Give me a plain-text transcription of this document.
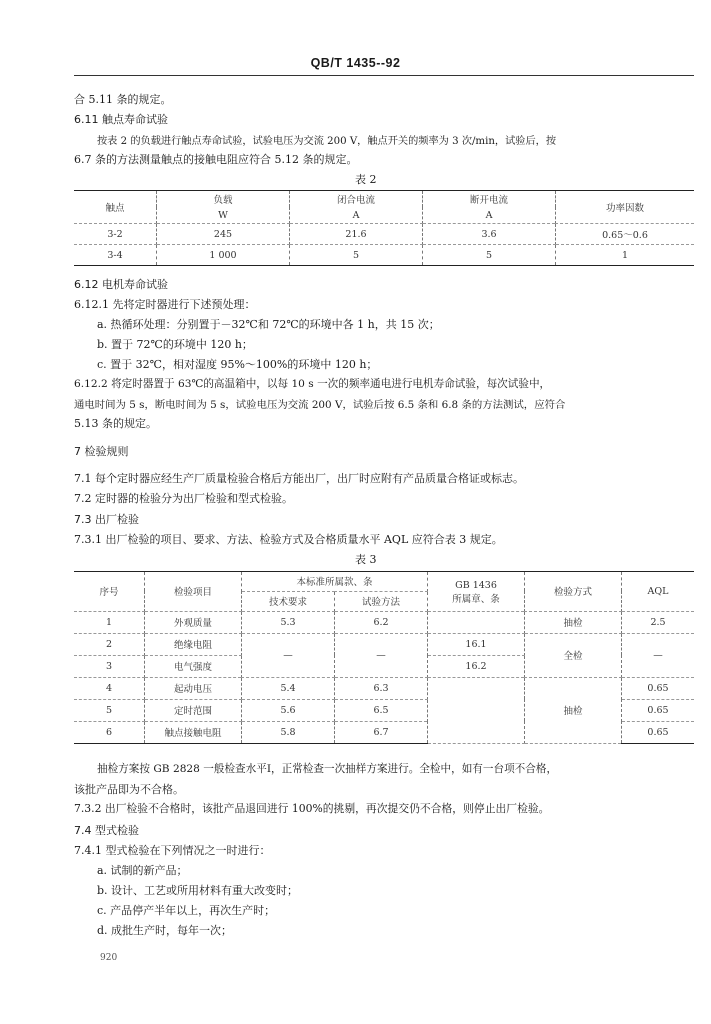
QB/T 1435--92
合 5.11 条的规定。
6.11 触点寿命试验
按表 2 的负载进行触点寿命试验，试验电压为交流 200 V，触点开关的频率为 3 次/min，试验后，按
6.7 条的方法测量触点的接触电阻应符合 5.12 条的规定。
表 2
触点	负载	闭合电流	断开电流	功率因数
	W	A	A	
3-2	245	21.6	3.6	0.65～0.6
3-4	1 000	5	5	1
6.12 电机寿命试验
6.12.1 先将定时器进行下述预处理：
a. 热循环处理：分别置于－32℃和 72℃的环境中各 1 h，共 15 次；
b. 置于 72℃的环境中 120 h；
c. 置于 32℃，相对湿度 95%～100%的环境中 120 h；
6.12.2 将定时器置于 63℃的高温箱中，以每 10 s 一次的频率通电进行电机寿命试验，每次试验中，
通电时间为 5 s，断电时间为 5 s，试验电压为交流 200 V，试验后按 6.5 条和 6.8 条的方法测试，应符合
5.13 条的规定。
7 检验规则
7.1 每个定时器应经生产厂质量检验合格后方能出厂，出厂时应附有产品质量合格证或标志。
7.2 定时器的检验分为出厂检验和型式检验。
7.3 出厂检验
7.3.1 出厂检验的项目、要求、方法、检验方式及合格质量水平 AQL 应符合表 3 规定。
表 3
序号	检验项目	本标准所属款、条		GB 1436	检验方式	AQL
		技术要求	试验方法	所属章、条		
1	外观质量	5.3	6.2		抽检	2.5
2	绝缘电阻	—	—	16.1	全检	—
3	电气强度			16.2		
4	起动电压	5.4	6.3		抽检	0.65
5	定时范围	5.6	6.5			0.65
6	触点接触电阻	5.8	6.7			0.65
抽检方案按 GB 2828 一般检查水平Ⅰ，正常检查一次抽样方案进行。全检中，如有一台项不合格，
该批产品即为不合格。
7.3.2 出厂检验不合格时，该批产品退回进行 100%的挑剔，再次提交仍不合格，则停止出厂检验。
7.4 型式检验
7.4.1 型式检验在下列情况之一时进行：
a. 试制的新产品；
b. 设计、工艺或所用材料有重大改变时；
c. 产品停产半年以上，再次生产时；
d. 成批生产时，每年一次；
920
